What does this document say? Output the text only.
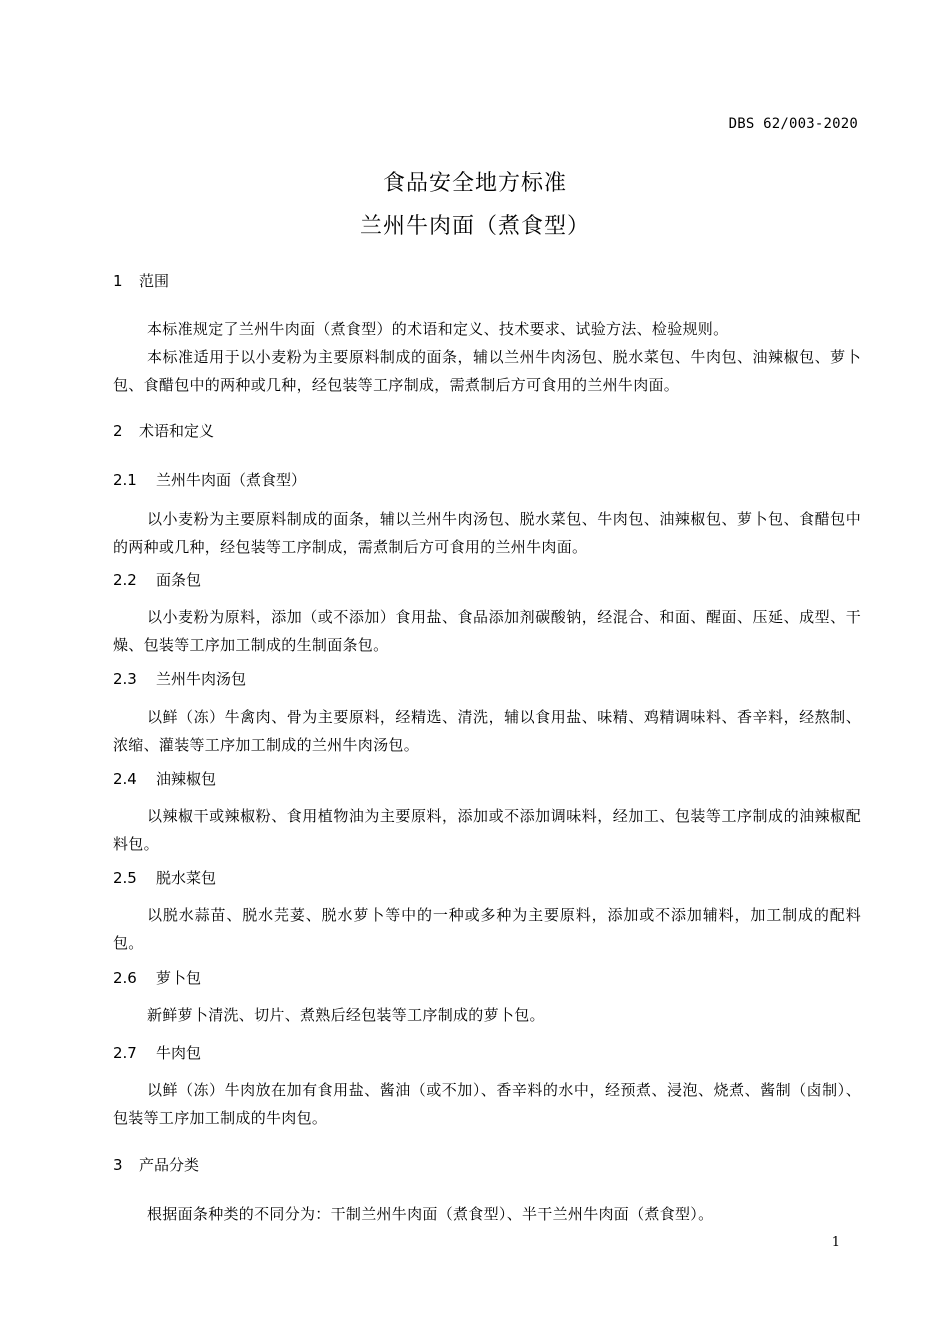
DBS 62/003-2020
食品安全地方标准
兰州牛肉面（煮食型）
1 范围
本标准规定了兰州牛肉面（煮食型）的术语和定义、技术要求、试验方法、检验规则。
本标准适用于以小麦粉为主要原料制成的面条，辅以兰州牛肉汤包、脱水菜包、牛肉包、油辣椒包、萝卜包、食醋包中的两种或几种，经包装等工序制成，需煮制后方可食用的兰州牛肉面。
2 术语和定义
2.1 兰州牛肉面（煮食型）
以小麦粉为主要原料制成的面条，辅以兰州牛肉汤包、脱水菜包、牛肉包、油辣椒包、萝卜包、食醋包中的两种或几种，经包装等工序制成，需煮制后方可食用的兰州牛肉面。
2.2 面条包
以小麦粉为原料，添加（或不添加）食用盐、食品添加剂碳酸钠，经混合、和面、醒面、压延、成型、干燥、包装等工序加工制成的生制面条包。
2.3 兰州牛肉汤包
以鲜（冻）牛禽肉、骨为主要原料，经精选、清洗，辅以食用盐、味精、鸡精调味料、香辛料，经熬制、浓缩、灌装等工序加工制成的兰州牛肉汤包。
2.4 油辣椒包
以辣椒干或辣椒粉、食用植物油为主要原料，添加或不添加调味料，经加工、包装等工序制成的油辣椒配料包。
2.5 脱水菜包
以脱水蒜苗、脱水芫荽、脱水萝卜等中的一种或多种为主要原料，添加或不添加辅料，加工制成的配料包。
2.6 萝卜包
新鲜萝卜清洗、切片、煮熟后经包装等工序制成的萝卜包。
2.7 牛肉包
以鲜（冻）牛肉放在加有食用盐、酱油（或不加）、香辛料的水中，经预煮、浸泡、烧煮、酱制（卤制）、包装等工序加工制成的牛肉包。
3 产品分类
根据面条种类的不同分为：干制兰州牛肉面（煮食型）、半干兰州牛肉面（煮食型）。
1
